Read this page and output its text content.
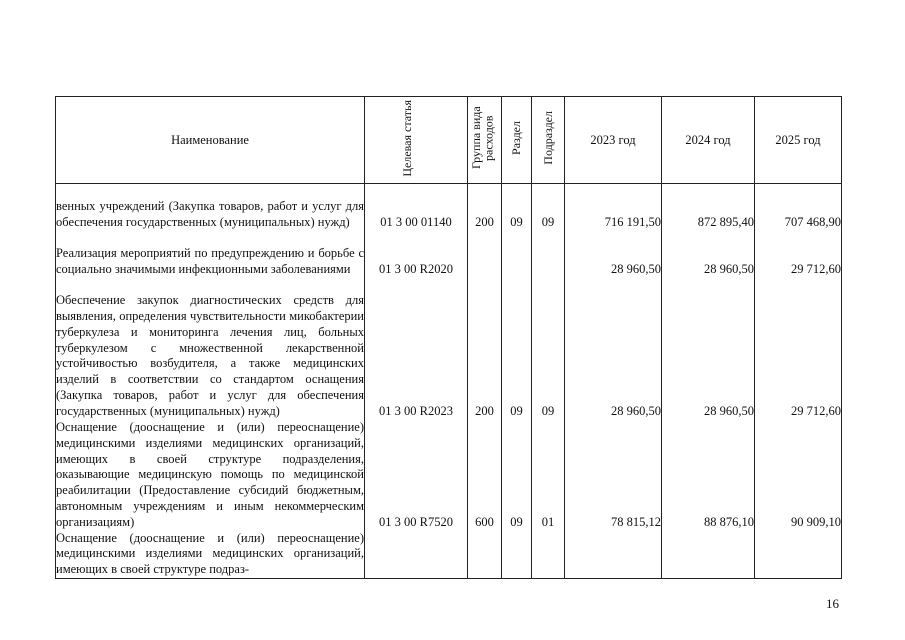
Наименование	Целевая статья	Группа вида расходов	Раздел	Подраздел	2023 год	2024 год	2025 год
венных учреждений (Закупка товаров, работ и услуг для обеспечения государственных (муниципальных) нужд)	01 3 00 01140	200	09	09	716 191,50	872 895,40	707 468,90
Реализация мероприятий по предупреждению и борьбе с социально значимыми инфекционными заболеваниями	01 3 00 R2020				28 960,50	28 960,50	29 712,60
Обеспечение закупок диагностических средств для выявления, определения чувствительности микобактерии туберкулеза и мониторинга лечения лиц, больных туберкулезом с множественной лекарственной устойчивостью возбудителя, а также медицинских изделий в соответствии со стандартом оснащения (Закупка товаров, работ и услуг для обеспечения государственных (муниципальных) нужд)	01 3 00 R2023	200	09	09	28 960,50	28 960,50	29 712,60
Оснащение (дооснащение и (или) переоснащение) медицинскими изделиями медицинских организаций, имеющих в своей структуре подразделения, оказывающие медицинскую помощь по медицинской реабилитации (Предоставление субсидий бюджетным, автономным учреждениям и иным некоммерческим организациям)	01 3 00 R7520	600	09	01	78 815,12	88 876,10	90 909,10
Оснащение (дооснащение и (или) переоснащение) медицинскими изделиями медицинских организаций, имеющих в своей структуре подраз-							
16
